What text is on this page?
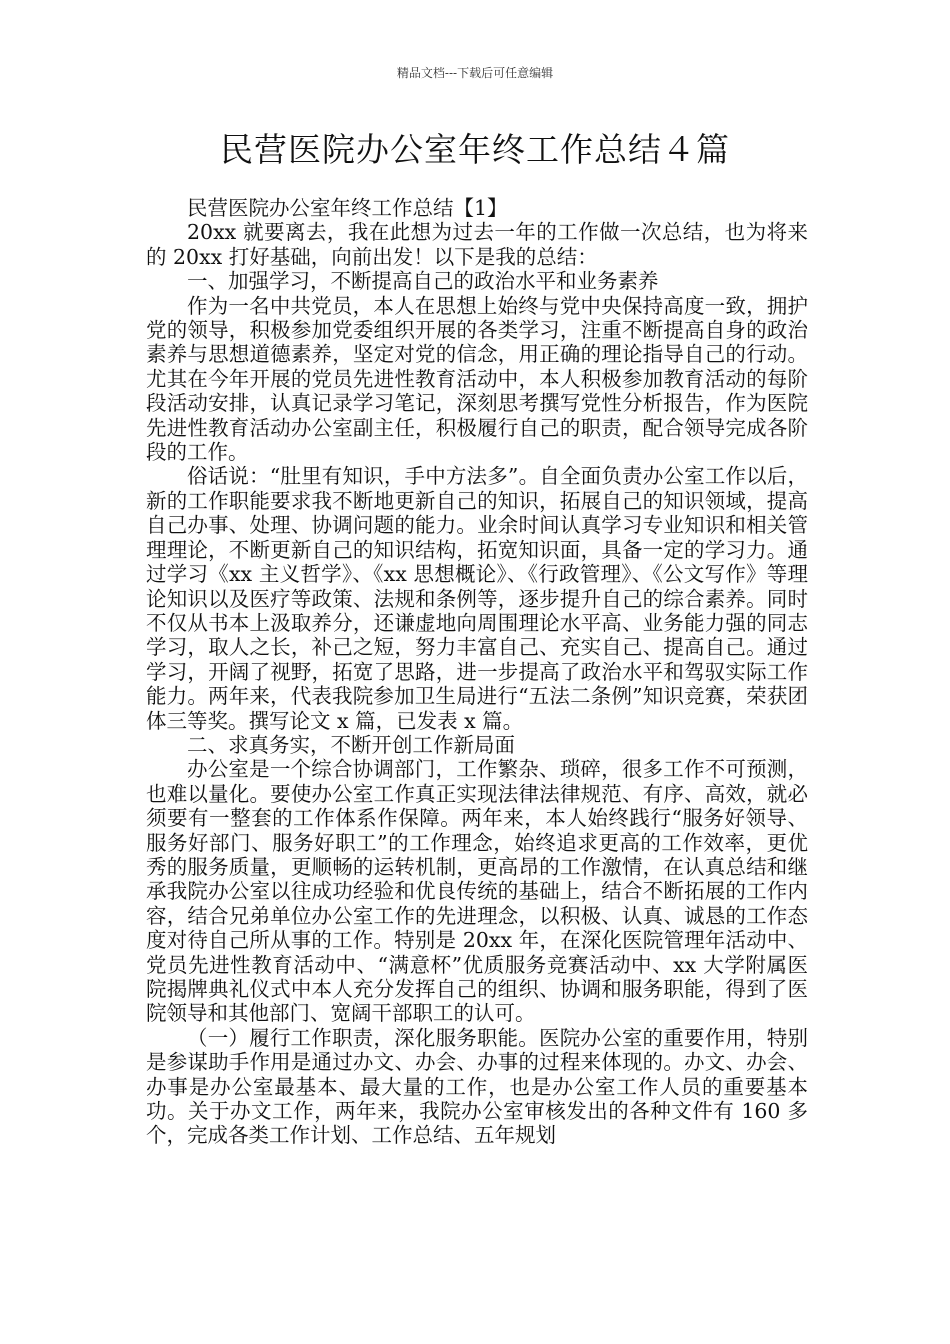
精品文档---下载后可任意编辑
民营医院办公室年终工作总结４篇

民营医院办公室年终工作总结【1】

20xx 就要离去，我在此想为过去一年的工作做一次总结，也为将来的 20xx 打好基础，向前出发！以下是我的总结：

一、加强学习，不断提高自己的政治水平和业务素养

作为一名中共党员，本人在思想上始终与党中央保持高度一致，拥护党的领导，积极参加党委组织开展的各类学习，注重不断提高自身的政治素养与思想道德素养，坚定对党的信念，用正确的理论指导自己的行动。尤其在今年开展的党员先进性教育活动中，本人积极参加教育活动的每阶段活动安排，认真记录学习笔记，深刻思考撰写党性分析报告，作为医院先进性教育活动办公室副主任，积极履行自己的职责，配合领导完成各阶段的工作。

俗话说：“肚里有知识，手中方法多”。自全面负责办公室工作以后，新的工作职能要求我不断地更新自己的知识，拓展自己的知识领域，提高自己办事、处理、协调问题的能力。业余时间认真学习专业知识和相关管理理论，不断更新自己的知识结构，拓宽知识面，具备一定的学习力。通过学习《xx 主义哲学》、《xx 思想概论》、《行政管理》、《公文写作》等理论知识以及医疗等政策、法规和条例等，逐步提升自己的综合素养。同时不仅从书本上汲取养分，还谦虚地向周围理论水平高、业务能力强的同志学习，取人之长，补己之短，努力丰富自己、充实自己、提高自己。通过学习，开阔了视野，拓宽了思路，进一步提高了政治水平和驾驭实际工作能力。两年来，代表我院参加卫生局进行“五法二条例”知识竞赛，荣获团体三等奖。撰写论文 x 篇，已发表 x 篇。

二、求真务实，不断开创工作新局面

办公室是一个综合协调部门，工作繁杂、琐碎，很多工作不可预测，也难以量化。要使办公室工作真正实现法律法律规范、有序、高效，就必须要有一整套的工作体系作保障。两年来，本人始终践行“服务好领导、服务好部门、服务好职工”的工作理念，始终追求更高的工作效率，更优秀的服务质量，更顺畅的运转机制，更高昂的工作激情，在认真总结和继承我院办公室以往成功经验和优良传统的基础上，结合不断拓展的工作内容，结合兄弟单位办公室工作的先进理念，以积极、认真、诚恳的工作态度对待自己所从事的工作。特别是 20xx 年，在深化医院管理年活动中、党员先进性教育活动中、“满意杯”优质服务竞赛活动中、xx 大学附属医院揭牌典礼仪式中本人充分发挥自己的组织、协调和服务职能，得到了医院领导和其他部门、宽阔干部职工的认可。

（一）履行工作职责，深化服务职能。医院办公室的重要作用，特别是参谋助手作用是通过办文、办会、办事的过程来体现的。办文、办会、办事是办公室最基本、最大量的工作，也是办公室工作人员的重要基本功。关于办文工作，两年来，我院办公室审核发出的各种文件有 160 多个，完成各类工作计划、工作总结、五年规划
